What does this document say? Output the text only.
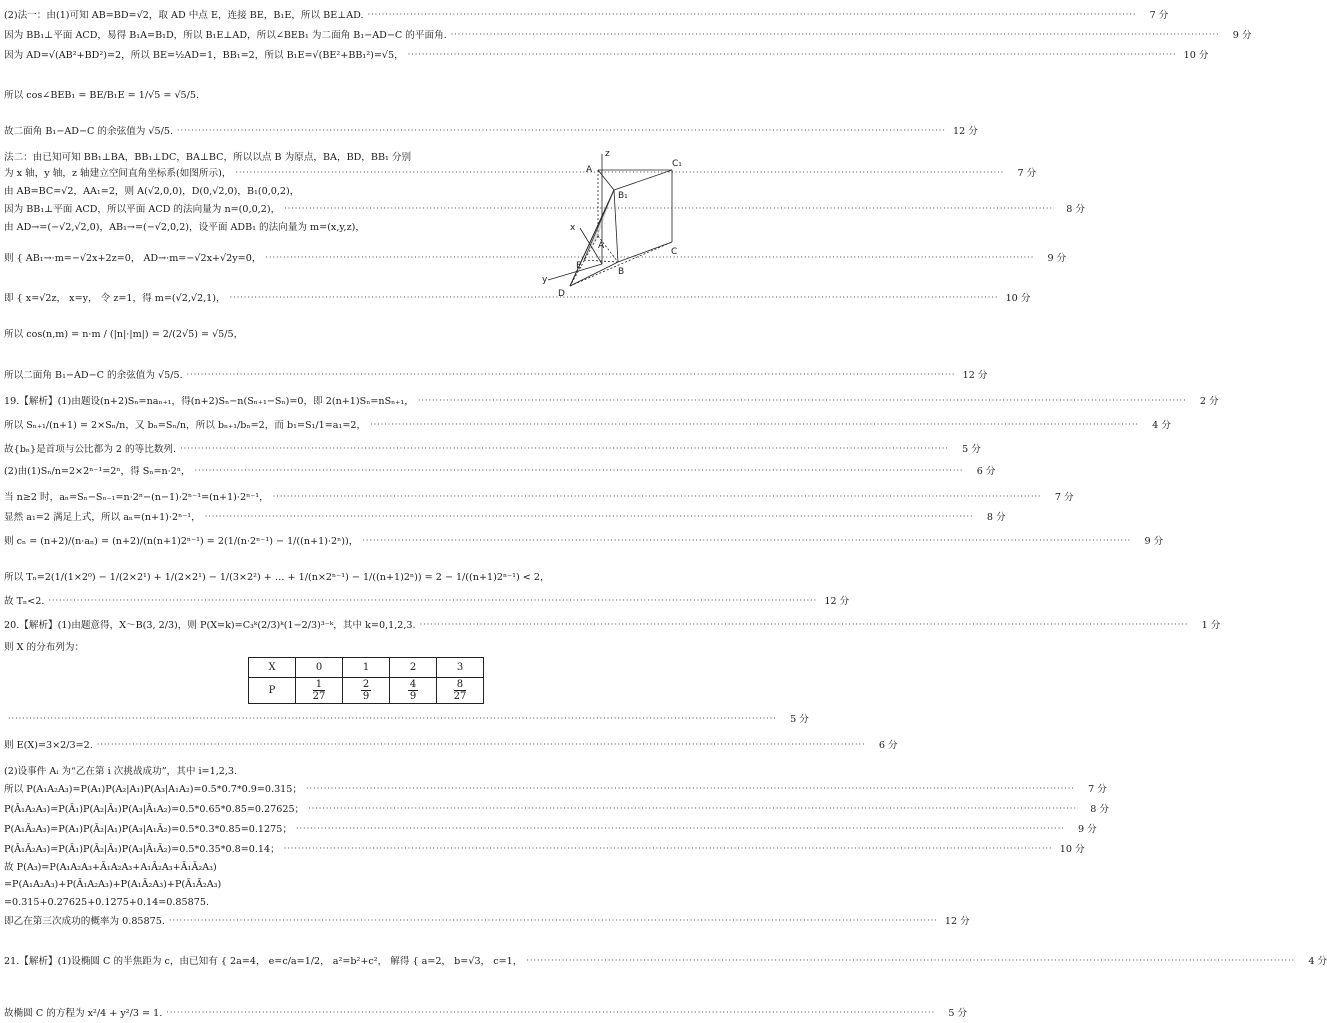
(2)法一：由(1)可知 AB=BD=√2，取 AD 中点 E，连接 BE，B₁E，所以 BE⊥AD. ·····	7 分
因为 BB₁⊥平面 ACD，易得 B₁A=B₁D，所以 B₁E⊥AD，所以∠BEB₁ 为二面角 B₁−AD−C 的平面角. ·····	9 分
因为 AD=√(AB²+BD²)=2，所以 BE=½AD=1，BB₁=2，所以 B₁E=√(BE²+BB₁²)=√5， ·····	10 分
所以 cos∠BEB₁ = BE/B₁E = 1/√5 = √5/5.
故二面角 B₁−AD−C 的余弦值为 √5/5. ·····	12 分
法二：由已知可知 BB₁⊥BA，BB₁⊥DC，BA⊥BC，所以以点 B 为原点，BA，BD，BB₁ 分别
为 x 轴，y 轴，z 轴建立空间直角坐标系(如图所示)， ·····	7 分
由 AB=BC=√2，AA₁=2，则 A(√2,0,0)，D(0,√2,0)，B₁(0,0,2)，
因为 BB₁⊥平面 ACD，所以平面 ACD 的法向量为 n=(0,0,2)， ·····	8 分
由 AD→=(−√2,√2,0)，AB₁→=(−√2,0,2)，设平面 ADB₁ 的法向量为 m=(x,y,z)，
则 { AB₁→·m=−√2x+2z=0， AD→·m=−√2x+√2y=0， ·····	9 分
即 { x=√2z， x=y， 令 z=1，得 m=(√2,√2,1)， ·····	10 分
所以 cos(n,m) = n·m / (|n|·|m|) = 2/(2√5) = √5/5，
所以二面角 B₁−AD−C 的余弦值为 √5/5. ·····	12 分
19.【解析】(1)由题设(n+2)Sₙ=naₙ₊₁，得(n+2)Sₙ−n(Sₙ₊₁−Sₙ)=0，即 2(n+1)Sₙ=nSₙ₊₁， ·····	2 分
所以 Sₙ₊₁/(n+1) = 2×Sₙ/n，又 bₙ=Sₙ/n，所以 bₙ₊₁/bₙ=2，而 b₁=S₁/1=a₁=2， ·····	4 分
故{bₙ}是首项与公比都为 2 的等比数列. ·····	5 分
(2)由(1)Sₙ/n=2×2ⁿ⁻¹=2ⁿ，得 Sₙ=n·2ⁿ， ·····	6 分
当 n≥2 时，aₙ=Sₙ−Sₙ₋₁=n·2ⁿ−(n−1)·2ⁿ⁻¹=(n+1)·2ⁿ⁻¹， ·····	7 分
显然 a₁=2 满足上式，所以 aₙ=(n+1)·2ⁿ⁻¹， ·····	8 分
则 cₙ = (n+2)/(n·aₙ) = (n+2)/(n(n+1)2ⁿ⁻¹) = 2(1/(n·2ⁿ⁻¹) − 1/((n+1)·2ⁿ))， ·····	9 分
所以 Tₙ=2(1/(1×2⁰) − 1/(2×2¹) + 1/(2×2¹) − 1/(3×2²) + … + 1/(n×2ⁿ⁻¹) − 1/((n+1)2ⁿ)) = 2 − 1/((n+1)2ⁿ⁻¹) < 2，
故 Tₙ<2. ·····	12 分
20.【解析】(1)由题意得，X～B(3, 2/3)，则 P(X=k)=C₃ᵏ(2/3)ᵏ(1−2/3)³⁻ᵏ，其中 k=0,1,2,3. ·····	1 分
则 X 的分布列为：
·····
5 分
则 E(X)=3×2/3=2. ·····	6 分
(2)设事件 Aᵢ 为“乙在第 i 次挑战成功”，其中 i=1,2,3.
所以 P(A₁A₂A₃)=P(A₁)P(A₂|A₁)P(A₃|A₁A₂)=0.5*0.7*0.9=0.315； ·····	7 分
P(Ā₁A₂A₃)=P(Ā₁)P(A₂|Ā₁)P(A₃|Ā₁A₂)=0.5*0.65*0.85=0.27625； ·····	8 分
P(A₁Ā₂A₃)=P(A₁)P(Ā₂|A₁)P(A₃|A₁Ā₂)=0.5*0.3*0.85=0.1275； ·····	9 分
P(Ā₁Ā₂A₃)=P(Ā₁)P(Ā₂|Ā₁)P(A₃|Ā₁Ā₂)=0.5*0.35*0.8=0.14； ·····	10 分
故 P(A₃)=P(A₁A₂A₃+Ā₁A₂A₃+A₁Ā₂A₃+Ā₁Ā₂A₃)
=P(A₁A₂A₃)+P(Ā₁A₂A₃)+P(A₁Ā₂A₃)+P(Ā₁Ā₂A₃)
=0.315+0.27625+0.1275+0.14=0.85875.
即乙在第三次成功的概率为 0.85875. ·····	12 分
21.【解析】(1)设椭圆 C 的半焦距为 c，由已知有 { 2a=4， e=c/a=1/2， a²=b²+c²， 解得 { a=2， b=√3， c=1， ·····	4 分
故椭圆 C 的方程为 x²/4 + y²/3 = 1. ·····	5 分
X	0	1	2	3
P	$\frac{1}{27}$	$\frac{2}{9}$	$\frac{4}{9}$	$\frac{8}{27}$
z
A
C₁
B₁
x
A
E
C
y
D
B
